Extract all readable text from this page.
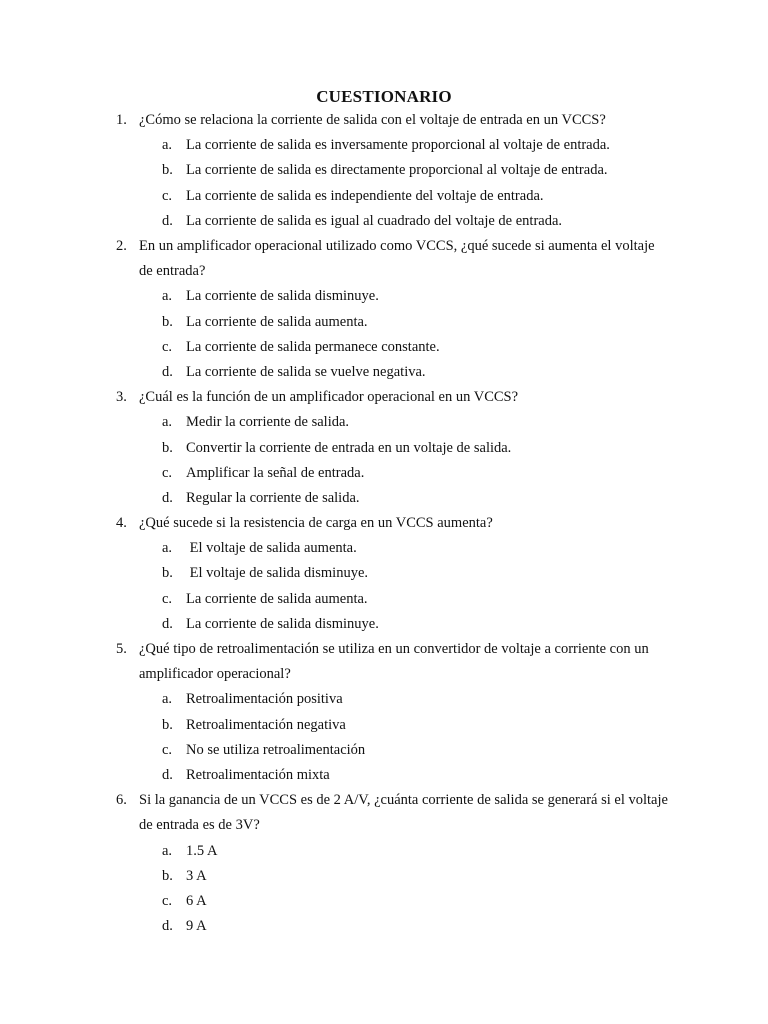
CUESTIONARIO
1. ¿Cómo se relaciona la corriente de salida con el voltaje de entrada en un VCCS?
a. La corriente de salida es inversamente proporcional al voltaje de entrada.
b. La corriente de salida es directamente proporcional al voltaje de entrada.
c. La corriente de salida es independiente del voltaje de entrada.
d. La corriente de salida es igual al cuadrado del voltaje de entrada.
2. En un amplificador operacional utilizado como VCCS, ¿qué sucede si aumenta el voltaje de entrada?
a. La corriente de salida disminuye.
b. La corriente de salida aumenta.
c. La corriente de salida permanece constante.
d. La corriente de salida se vuelve negativa.
3. ¿Cuál es la función de un amplificador operacional en un VCCS?
a. Medir la corriente de salida.
b. Convertir la corriente de entrada en un voltaje de salida.
c. Amplificar la señal de entrada.
d. Regular la corriente de salida.
4. ¿Qué sucede si la resistencia de carga en un VCCS aumenta?
a. El voltaje de salida aumenta.
b. El voltaje de salida disminuye.
c. La corriente de salida aumenta.
d. La corriente de salida disminuye.
5. ¿Qué tipo de retroalimentación se utiliza en un convertidor de voltaje a corriente con un amplificador operacional?
a. Retroalimentación positiva
b. Retroalimentación negativa
c. No se utiliza retroalimentación
d. Retroalimentación mixta
6. Si la ganancia de un VCCS es de 2 A/V, ¿cuánta corriente de salida se generará si el voltaje de entrada es de 3V?
a. 1.5 A
b. 3 A
c. 6 A
d. 9 A
